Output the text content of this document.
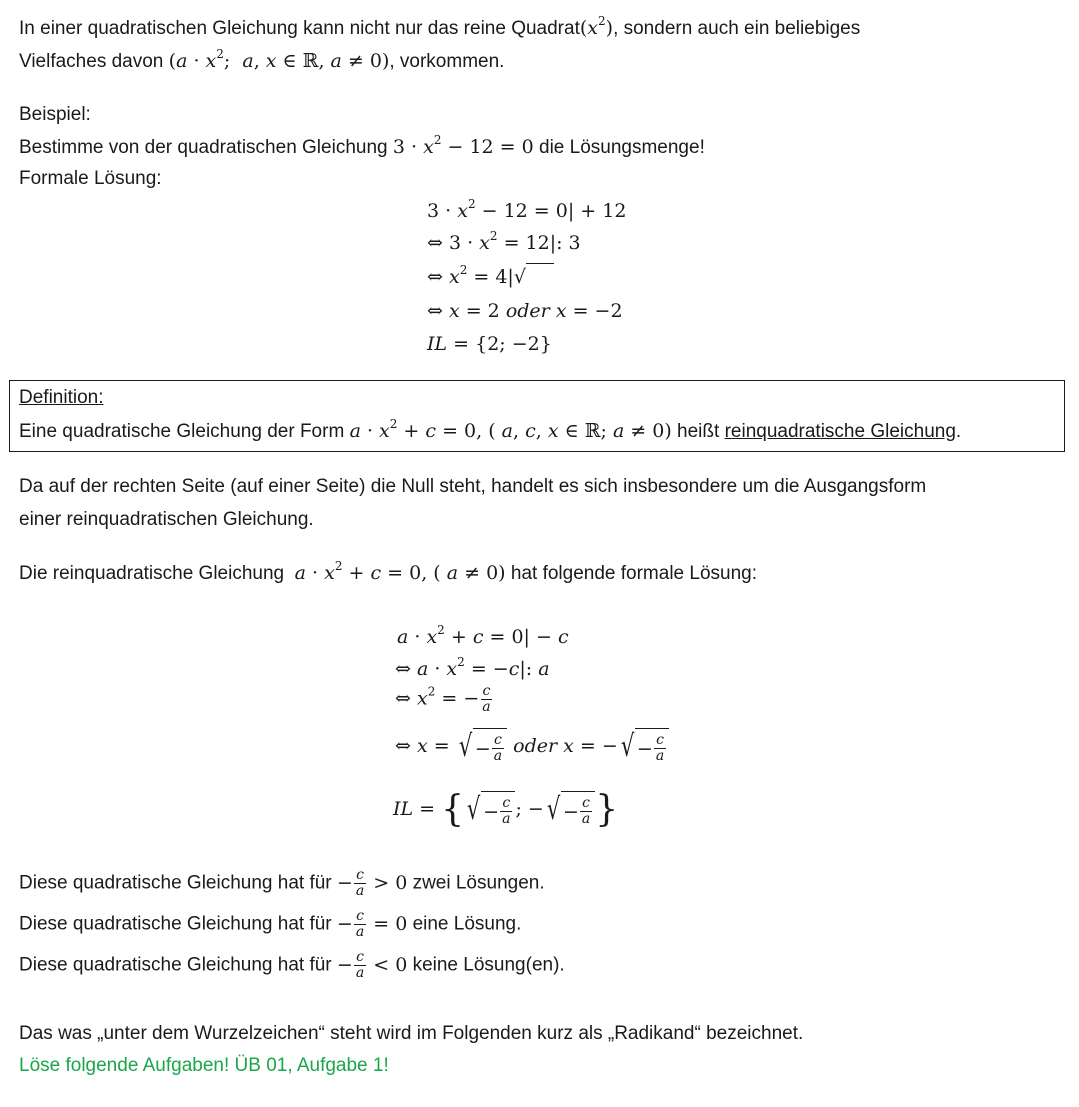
In einer quadratischen Gleichung kann nicht nur das reine $Quadrat(x^2)$, sondern auch ein beliebiges
Vielfaches davon ($a \cdot x^2$;  a, x ∈ ℝ, a ≠ 0), vorkommen.
Beispiel:
Bestimme von der quadratischen Gleichung $3 \cdot x^2 - 12 = 0$ die Lösungsmenge!
Formale Lösung:
$3 \cdot x^2 - 12 = 0| + 12$
⇔ $3 \cdot x^2 = 12|$: 3
⇔ $x^2 = 4|√$
⇔ x = 2 oder x = −2
IL = {2; −2}
Definition:
Eine quadratische Gleichung der Form $a \cdot x^2 + c = 0$, ( a, c, x ∈ ℝ; a ≠ 0) heißt reinquadratische Gleichung.
Da auf der rechten Seite (auf einer Seite) die Null steht, handelt es sich insbesondere um die Ausgangsform
einer reinquadratischen Gleichung.
Die reinquadratische Gleichung $a \cdot x^2 + c = 0$, ( a ≠ 0) hat folgende formale Lösung:
$a \cdot x^2 + c = 0| - c$
⇔ $a \cdot x^2 = -c|$: a
⇔ $x^2$ = − $\frac{c}{a}$
⇔ x = √ − $\frac{c}{a}$ oder x = − √ − $\frac{c}{a}$
IL = { √ − $\frac{c}{a}$ ; − √ − $\frac{c}{a}$ }
Diese quadratische Gleichung hat für − $\frac{c}{a} > 0$ zwei Lösungen.
Diese quadratische Gleichung hat für − $\frac{c}{a} = 0$ eine Lösung.
Diese quadratische Gleichung hat für − $\frac{c}{a} < 0$ keine Lösung(en).
Das was „unter dem Wurzelzeichen“ steht wird im Folgenden kurz als „Radikand“ bezeichnet.
Löse folgende Aufgaben! ÜB 01, Aufgabe 1!
